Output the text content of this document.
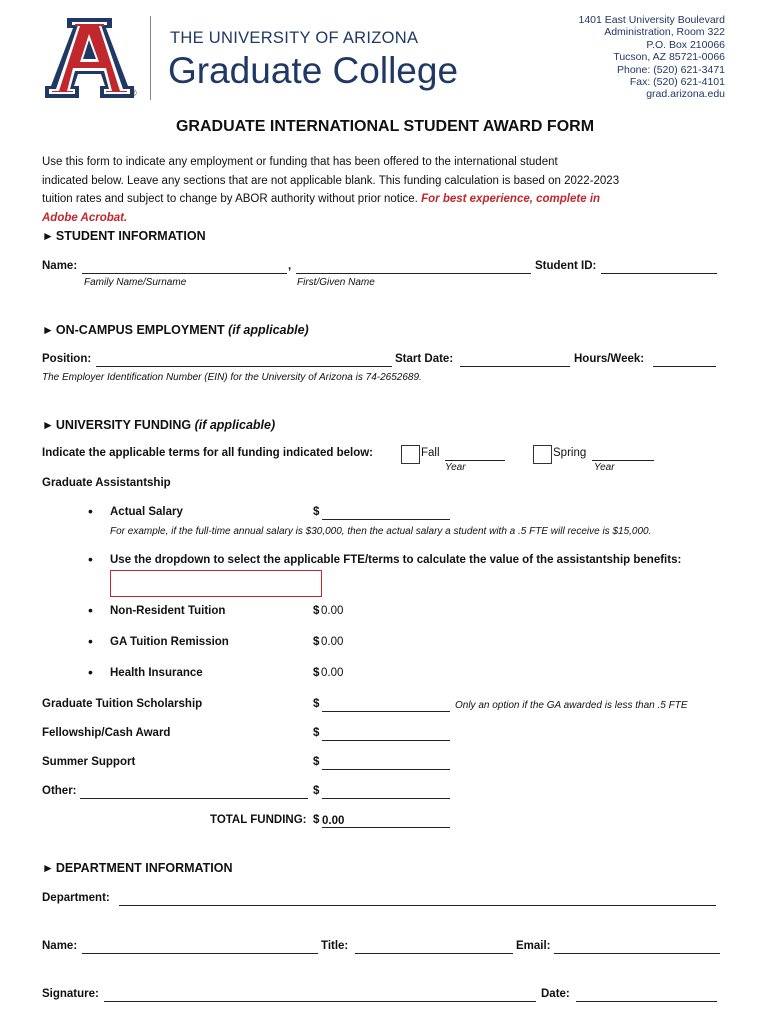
®
THE UNIVERSITY OF ARIZONA
Graduate College
1401 East University Boulevard
Administration, Room 322
P.O. Box 210066
Tucson, AZ 85721-0066
Phone: (520) 621-3471
Fax: (520) 621-4101
grad.arizona.edu
GRADUATE INTERNATIONAL STUDENT AWARD FORM
Use this form to indicate any employment or funding that has been offered to the international student
indicated below. Leave any sections that are not applicable blank. This funding calculation is based on 2022-2023
tuition rates and subject to change by ABOR authority without prior notice. For best experience, complete in
Adobe Acrobat.
► STUDENT INFORMATION
Name:	,	Student ID:
Family Name/Surname	First/Given Name
► ON-CAMPUS EMPLOYMENT (if applicable)
Position:	Start Date:	Hours/Week:
The Employer Identification Number (EIN) for the University of Arizona is 74-2652689.
► UNIVERSITY FUNDING (if applicable)
Indicate the applicable terms for all funding indicated below:	Fall
Year
Spring
Year
Graduate Assistantship
• Actual Salary	$
For example, if the full-time annual salary is $30,000, then the actual salary a student with a .5 FTE will receive is $15,000.
• Use the dropdown to select the applicable FTE/terms to calculate the value of the assistantship benefits:
• Non-Resident Tuition	$ 0.00
• GA Tuition Remission	$ 0.00
• Health Insurance	$ 0.00
Graduate Tuition Scholarship	$	Only an option if the GA awarded is less than .5 FTE
Fellowship/Cash Award	$
Summer Support	$
Other:	$
TOTAL FUNDING: $ 0.00
► DEPARTMENT INFORMATION
Department:
Name:	Title:	Email:
Signature:	Date:
